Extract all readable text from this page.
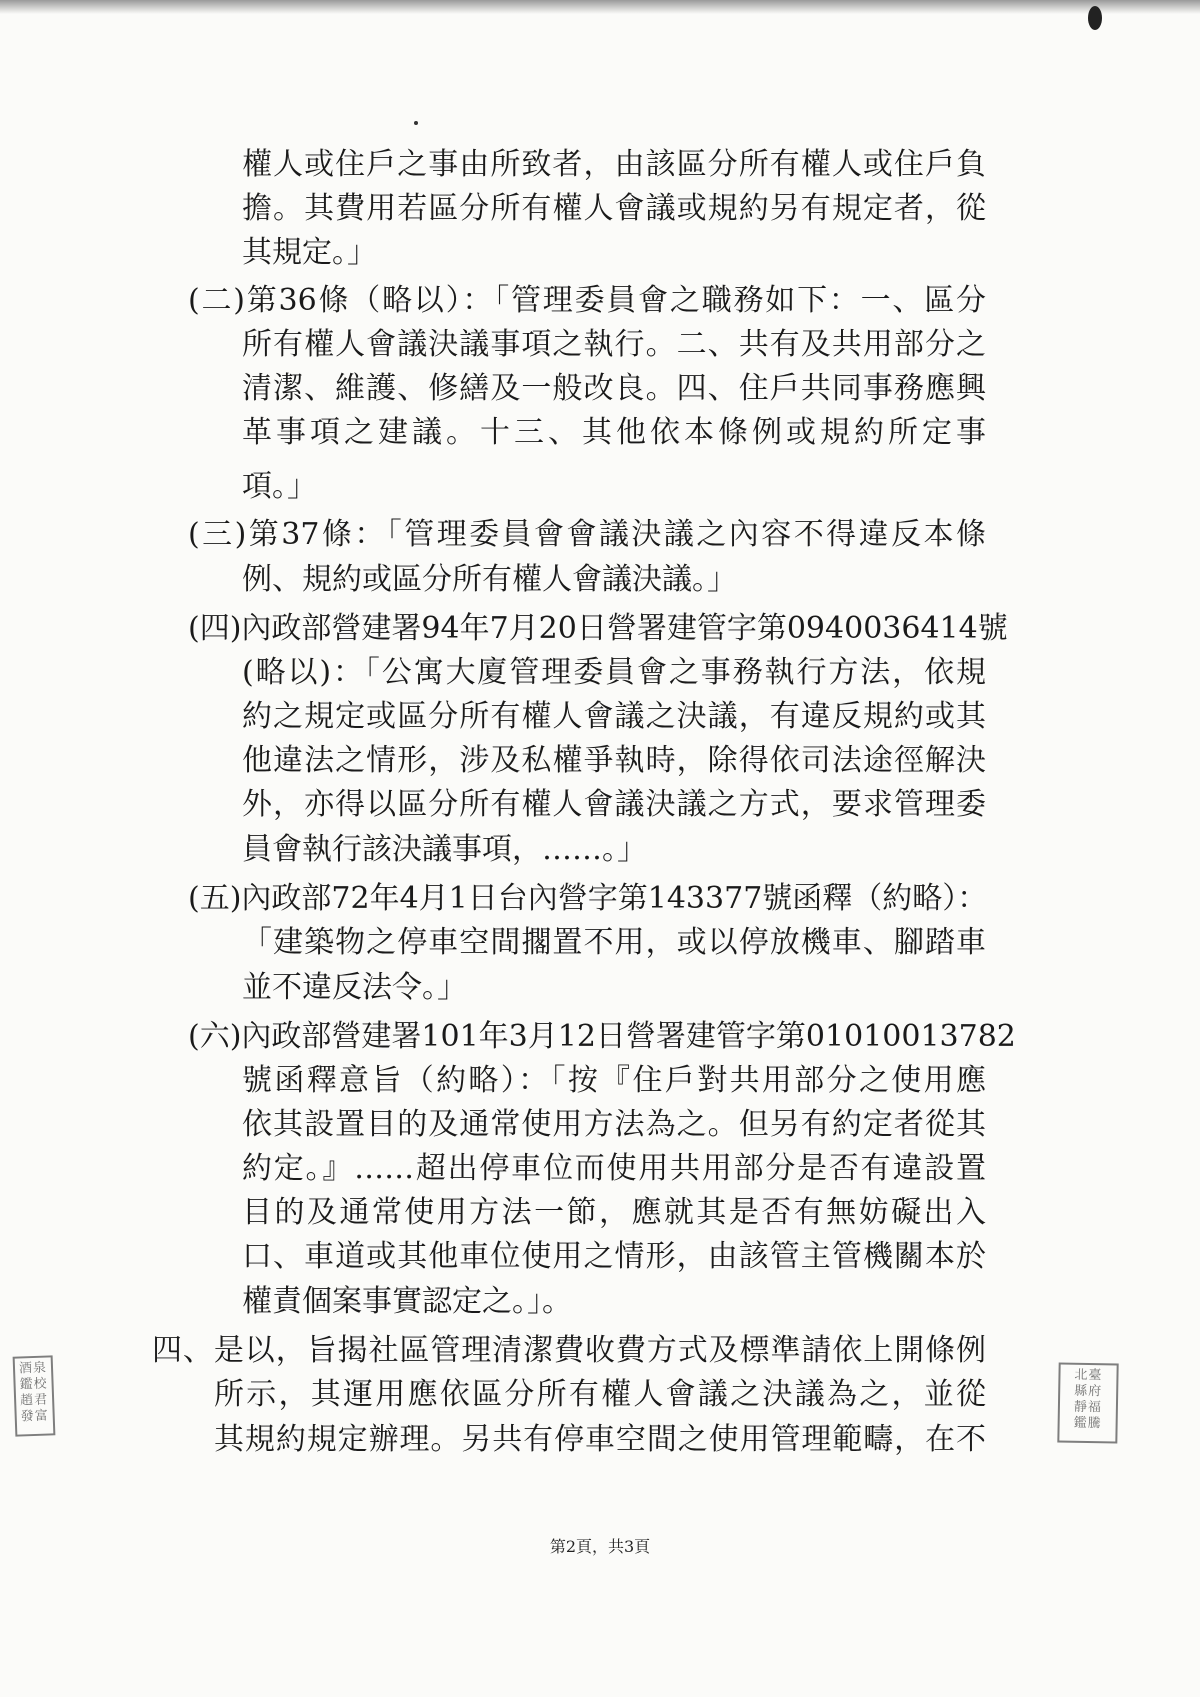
權人或住戶之事由所致者，由該區分所有權人或住戶負
擔。其費用若區分所有權人會議或規約另有規定者，從
其規定。」
(二)第36條（略以）：「管理委員會之職務如下：一、區分
所有權人會議決議事項之執行。二、共有及共用部分之
清潔、維護、修繕及一般改良。四、住戶共同事務應興
革事項之建議。十三、其他依本條例或規約所定事
項。」
(三)第37條：「管理委員會會議決議之內容不得違反本條
例、規約或區分所有權人會議決議。」
(四)內政部營建署94年7月20日營署建管字第0940036414號
(略以)：「公寓大廈管理委員會之事務執行方法，依規
約之規定或區分所有權人會議之決議，有違反規約或其
他違法之情形，涉及私權爭執時，除得依司法途徑解決
外，亦得以區分所有權人會議決議之方式，要求管理委
員會執行該決議事項，……。」
(五)內政部72年4月1日台內營字第143377號函釋（約略）：
「建築物之停車空間擱置不用，或以停放機車、腳踏車
並不違反法令。」
(六)內政部營建署101年3月12日營署建管字第01010013782
號函釋意旨（約略）：「按『住戶對共用部分之使用應
依其設置目的及通常使用方法為之。但另有約定者從其
約定。』……超出停車位而使用共用部分是否有違設置
目的及通常使用方法一節，應就其是否有無妨礙出入
口、車道或其他車位使用之情形，由該管主管機關本於
權責個案事實認定之。」。
四、是以，旨揭社區管理清潔費收費方式及標準請依上開條例
所示，其運用應依區分所有權人會議之決議為之，並從
其規約規定辦理。另共有停車空間之使用管理範疇，在不
酒泉
鑑校
趙君
發富
北臺
縣府
靜福
鑑騰
第2頁，共3頁
